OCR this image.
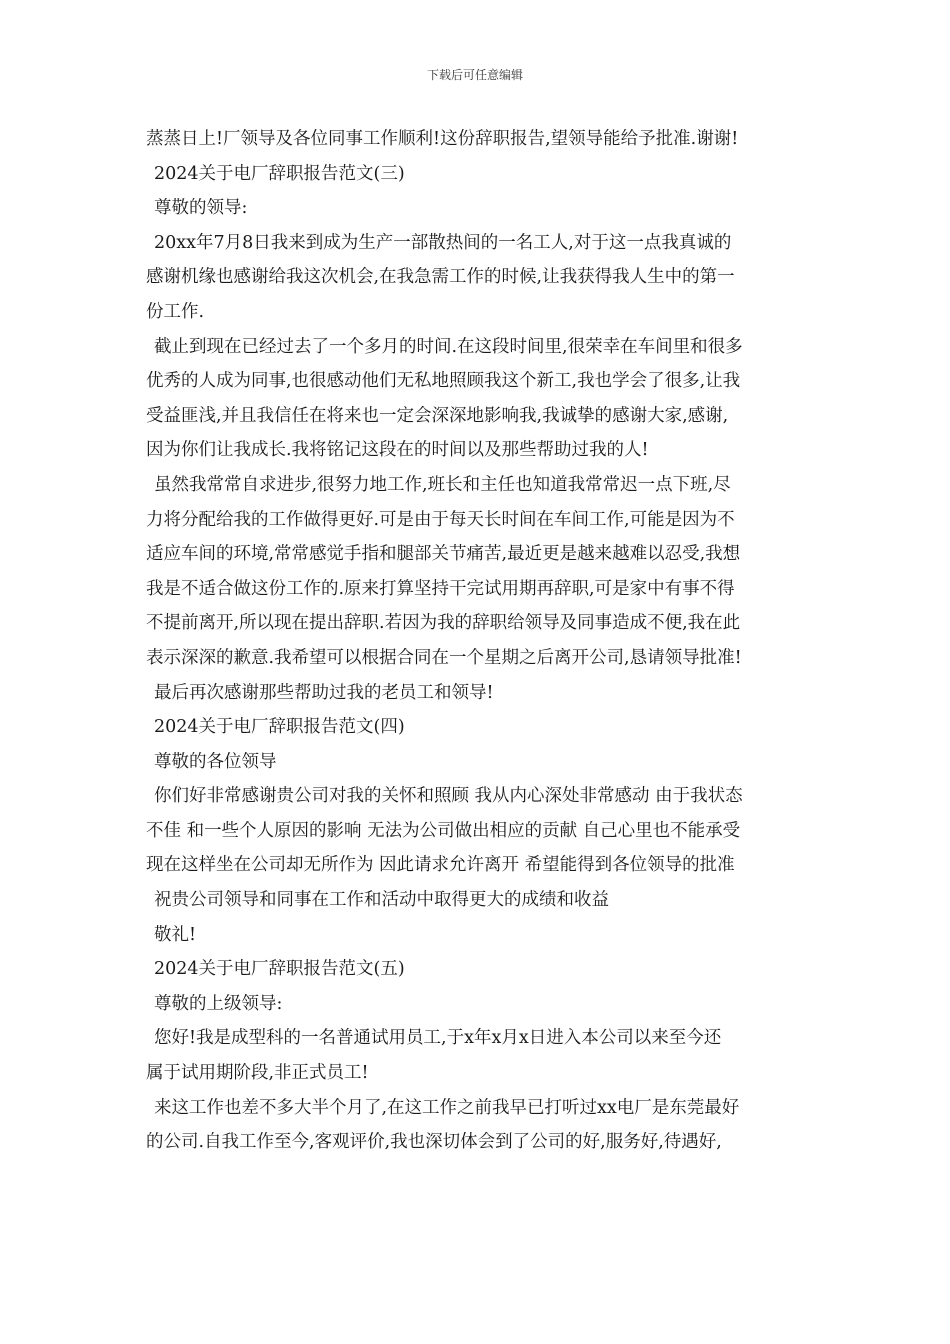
下载后可任意编辑
蒸蒸日上!厂领导及各位同事工作顺利!这份辞职报告,望领导能给予批准.谢谢!
2024关于电厂辞职报告范文(三)
尊敬的领导:
20xx年7月8日我来到成为生产一部散热间的一名工人,对于这一点我真诚的
感谢机缘也感谢给我这次机会,在我急需工作的时候,让我获得我人生中的第一
份工作.
截止到现在已经过去了一个多月的时间.在这段时间里,很荣幸在车间里和很多
优秀的人成为同事,也很感动他们无私地照顾我这个新工,我也学会了很多,让我
受益匪浅,并且我信任在将来也一定会深深地影响我,我诚挚的感谢大家,感谢,
因为你们让我成长.我将铭记这段在的时间以及那些帮助过我的人!
虽然我常常自求进步,很努力地工作,班长和主任也知道我常常迟一点下班,尽
力将分配给我的工作做得更好.可是由于每天长时间在车间工作,可能是因为不
适应车间的环境,常常感觉手指和腿部关节痛苦,最近更是越来越难以忍受,我想
我是不适合做这份工作的.原来打算坚持干完试用期再辞职,可是家中有事不得
不提前离开,所以现在提出辞职.若因为我的辞职给领导及同事造成不便,我在此
表示深深的歉意.我希望可以根据合同在一个星期之后离开公司,恳请领导批准!
最后再次感谢那些帮助过我的老员工和领导!
2024关于电厂辞职报告范文(四)
尊敬的各位领导
你们好非常感谢贵公司对我的关怀和照顾 我从内心深处非常感动 由于我状态
不佳 和一些个人原因的影响 无法为公司做出相应的贡献 自己心里也不能承受
现在这样坐在公司却无所作为 因此请求允许离开 希望能得到各位领导的批准
祝贵公司领导和同事在工作和活动中取得更大的成绩和收益
敬礼!
2024关于电厂辞职报告范文(五)
尊敬的上级领导:
您好!我是成型科的一名普通试用员工,于x年x月x日进入本公司以来至今还
属于试用期阶段,非正式员工!
来这工作也差不多大半个月了,在这工作之前我早已打听过xx电厂是东莞最好
的公司.自我工作至今,客观评价,我也深切体会到了公司的好,服务好,待遇好,
